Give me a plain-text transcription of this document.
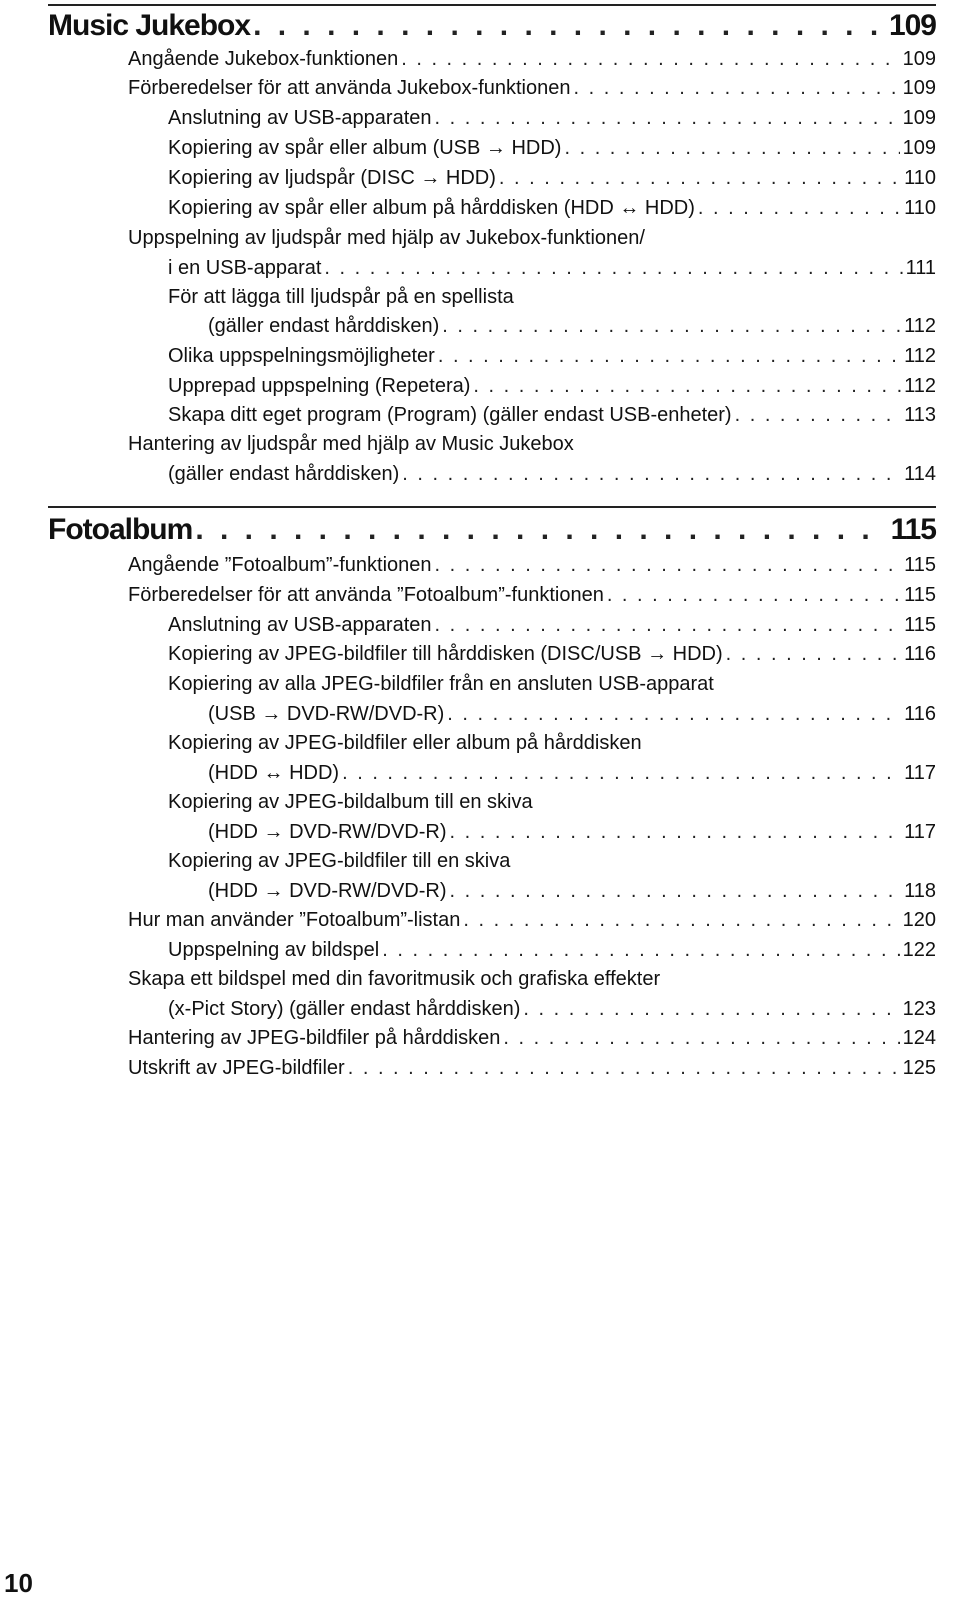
Music Jukebox . . .	109
Angående Jukebox-funktionen . . .	109
Förberedelser för att använda Jukebox-funktionen . . .	109
Anslutning av USB-apparaten . . .	109
Kopiering av spår eller album (USB → HDD) . . .	109
Kopiering av ljudspår (DISC → HDD) . . .	110
Kopiering av spår eller album på hårddisken (HDD ↔ HDD) . . .	110
Uppspelning av ljudspår med hjälp av Jukebox-funktionen/
i en USB-apparat . . .	111
För att lägga till ljudspår på en spellista
(gäller endast hårddisken) . . .	112
Olika uppspelningsmöjligheter . . .	112
Upprepad uppspelning (Repetera) . . .	112
Skapa ditt eget program (Program) (gäller endast USB-enheter) . . .	113
Hantering av ljudspår med hjälp av Music Jukebox
(gäller endast hårddisken) . . .	114
Fotoalbum . . .	115
Angående ”Fotoalbum”-funktionen . . .	115
Förberedelser för att använda ”Fotoalbum”-funktionen . . .	115
Anslutning av USB-apparaten . . .	115
Kopiering av JPEG-bildfiler till hårddisken (DISC/USB → HDD) . . .	116
Kopiering av alla JPEG-bildfiler från en ansluten USB-apparat
(USB → DVD-RW/DVD-R) . . .	116
Kopiering av JPEG-bildfiler eller album på hårddisken
(HDD ↔ HDD) . . .	117
Kopiering av JPEG-bildalbum till en skiva
(HDD → DVD-RW/DVD-R) . . .	117
Kopiering av JPEG-bildfiler till en skiva
(HDD → DVD-RW/DVD-R) . . .	118
Hur man använder ”Fotoalbum”-listan . . .	120
Uppspelning av bildspel . . .	122
Skapa ett bildspel med din favoritmusik och grafiska effekter
(x-Pict Story) (gäller endast hårddisken) . . .	123
Hantering av JPEG-bildfiler på hårddisken . . .	124
Utskrift av JPEG-bildfiler . . .	125
10
